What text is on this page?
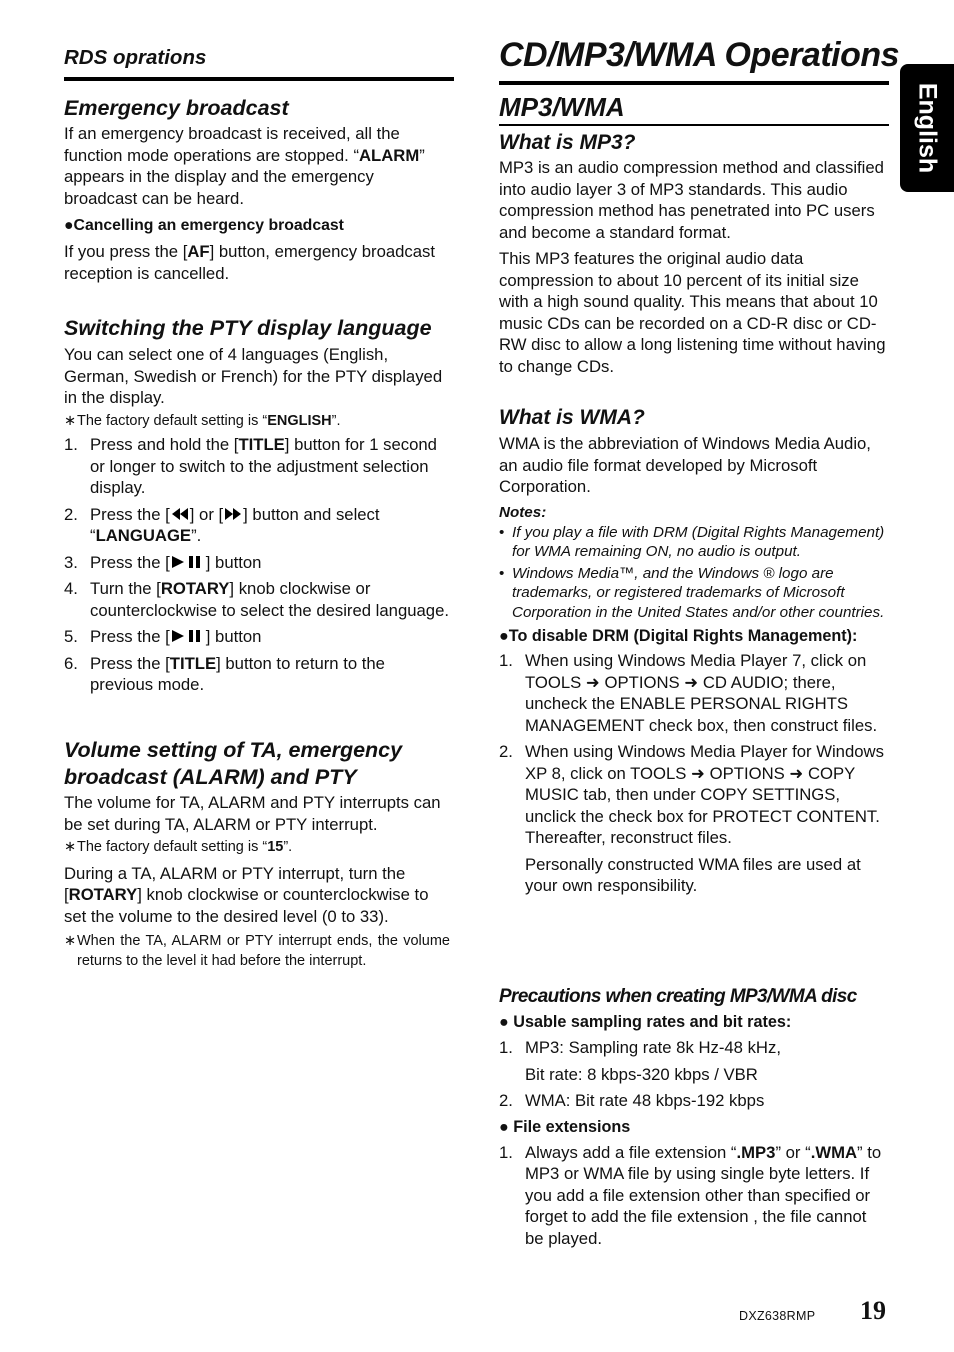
RDS oprations
Emergency broadcast

If an emergency broadcast is received, all the function mode operations are stopped. “ALARM” appears in the display and the emergency broadcast can be heard.

●Cancelling an emergency broadcast

If you press the [AF] button, emergency broadcast reception is cancelled.

Switching the PTY display language

You can select one of 4 languages (English, German, Swedish or French) for the PTY displayed in the display.

∗ The factory default setting is “ENGLISH”.

1. Press and hold the [TITLE] button for 1 second or longer to switch to the adjustment selection display.
2. Press the [ ] or [ ] button and select “LANGUAGE”.
3. Press the [ ] button
4. Turn the [ROTARY] knob clockwise or counterclockwise to select the desired language.
5. Press the [ ] button
6. Press the [TITLE] button to return to the previous mode.
Volume setting of TA, emergency broadcast (ALARM) and PTY

The volume for TA, ALARM and PTY interrupts can be set during TA, ALARM or PTY interrupt.

∗ The factory default setting is “15”.

During a TA, ALARM or PTY interrupt, turn the [ROTARY] knob clockwise or counterclockwise to set the volume to the desired level (0 to 33).

∗ When the TA, ALARM or PTY interrupt ends, the volume returns to the level it had before the interrupt.

CD/MP3/WMA Operations
MP3/WMA
What is MP3?

MP3 is an audio compression method and classified into audio layer 3 of MP3 standards. This audio compression method has penetrated into PC users and become a standard format.

This MP3 features the original audio data compression to about 10 percent of its initial size with a high sound quality. This means that about 10 music CDs can be recorded on a CD-R disc or CD-RW disc to allow a long listening time without having to change CDs.

What is WMA?

WMA is the abbreviation of Windows Media Audio, an audio file format developed by Microsoft Corporation.

Notes:

• If you play a file with DRM (Digital Rights Management) for WMA remaining ON, no audio is output.

• Windows Media™, and the Windows ® logo are trademarks, or registered trademarks of Microsoft Corporation in the United States and/or other countries.

●To disable DRM (Digital Rights Management):

1. When using Windows Media Player 7, click on TOOLS ➜ OPTIONS ➜ CD AUDIO; there, uncheck the ENABLE PERSONAL RIGHTS MANAGEMENT check box, then construct files.
2. When using Windows Media Player for Windows XP 8, click on TOOLS ➜ OPTIONS ➜ COPY MUSIC tab, then under COPY SETTINGS, unclick the check box for PROTECT CONTENT. Thereafter, reconstruct files.

Personally constructed WMA files are used at your own responsibility.

Precautions when creating MP3/WMA disc

● Usable sampling rates and bit rates:

1. MP3: Sampling rate 8k Hz-48 kHz,
Bit rate: 8 kbps-320 kbps / VBR
2. WMA: Bit rate 48 kbps-192 kbps

● File extensions

1. Always add a file extension “.MP3” or “.WMA” to MP3 or WMA file by using single byte letters. If you add a file extension other than specified or forget to add the file extension , the file cannot be played.
English
DXZ638RMP 19
